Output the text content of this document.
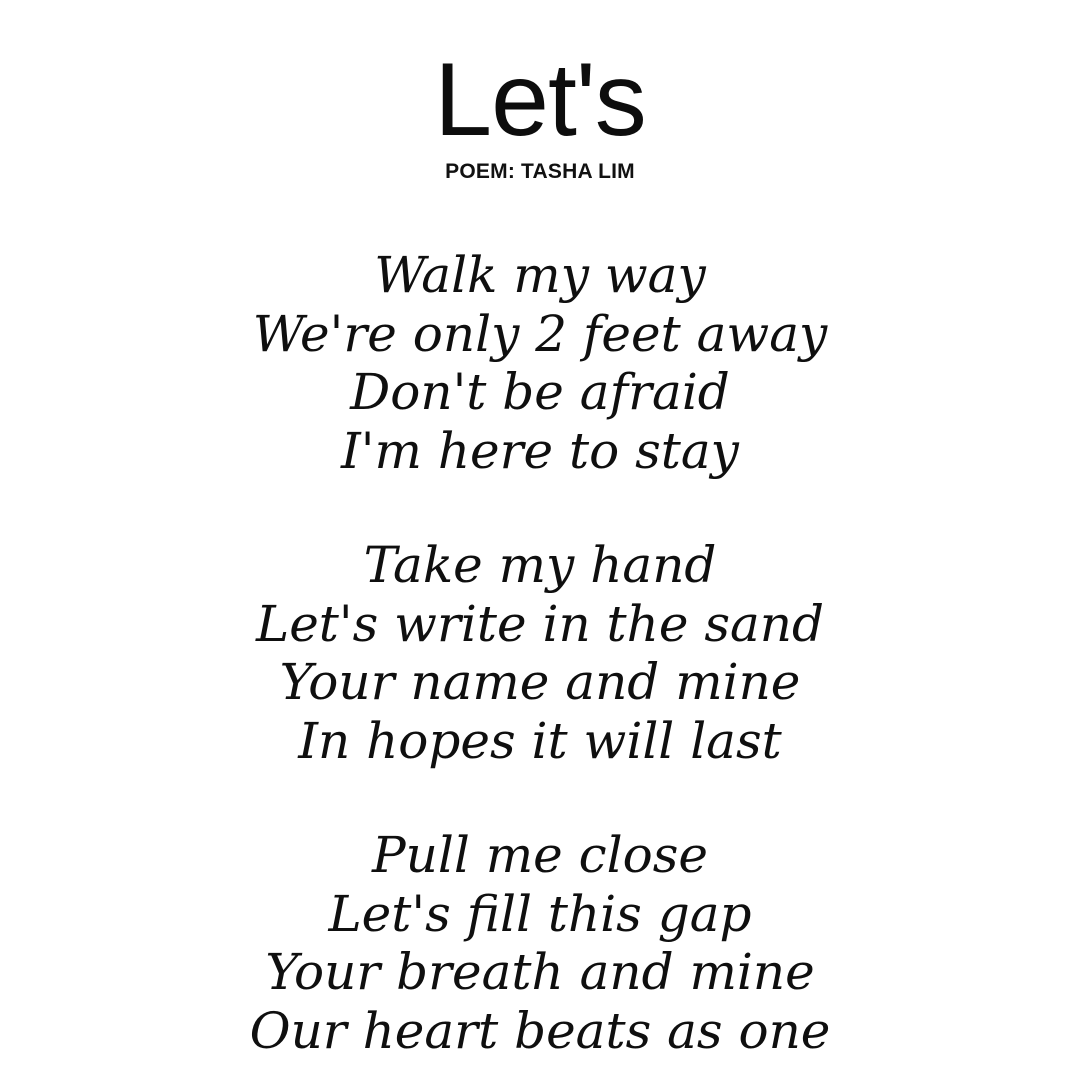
Let's
POEM: TASHA LIM
Walk my way
We're only 2 feet away
Don't be afraid
I'm here to stay
Take my hand
Let's write in the sand
Your name and mine
In hopes it will last
Pull me close
Let's fill this gap
Your breath and mine
Our heart beats as one
